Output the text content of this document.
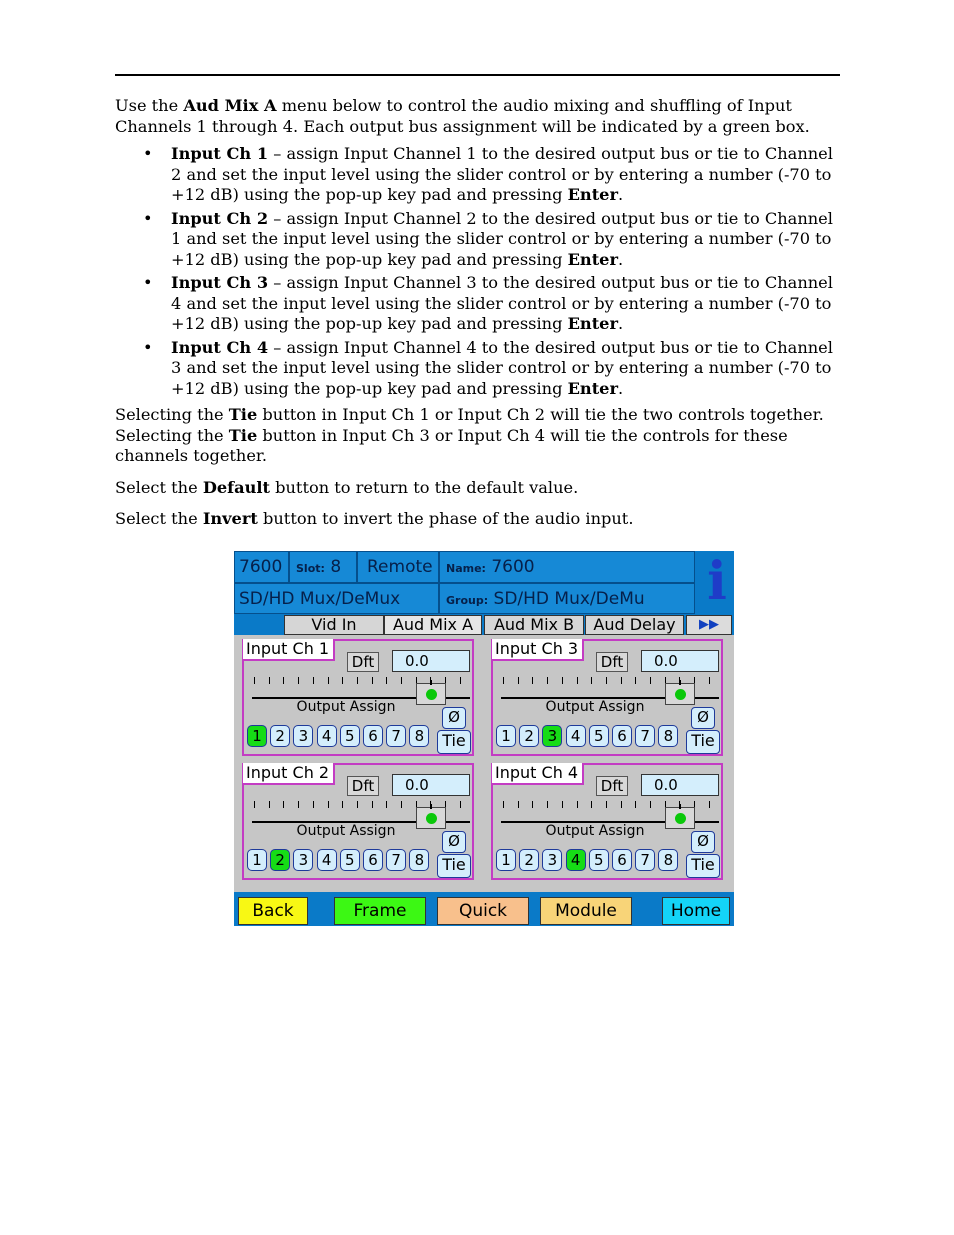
Use the Aud Mix A menu below to control the audio mixing and shuffling of Input Channels 1 through 4. Each output bus assignment will be indicated by a green box.

• Input Ch 1 – assign Input Channel 1 to the desired output bus or tie to Channel 2 and set the input level using the slider control or by entering a number (-70 to +12 dB) using the pop-up key pad and pressing Enter.
• Input Ch 2 – assign Input Channel 2 to the desired output bus or tie to Channel 1 and set the input level using the slider control or by entering a number (-70 to +12 dB) using the pop-up key pad and pressing Enter.
• Input Ch 3 – assign Input Channel 3 to the desired output bus or tie to Channel 4 and set the input level using the slider control or by entering a number (-70 to +12 dB) using the pop-up key pad and pressing Enter.
• Input Ch 4 – assign Input Channel 4 to the desired output bus or tie to Channel 3 and set the input level using the slider control or by entering a number (-70 to +12 dB) using the pop-up key pad and pressing Enter.

Selecting the Tie button in Input Ch 1 or Input Ch 2 will tie the two controls together. Selecting the Tie button in Input Ch 3 or Input Ch 4 will tie the controls for these channels together.

Select the Default button to return to the default value.

Select the Invert button to invert the phase of the audio input.

7600	Slot: 8	Remote	Name: 7600
SD/HD Mux/DeMux	Group: SD/HD Mux/DeMu	i
Vid In	Aud Mix A	Aud Mix B	Aud Delay	▶▶
Input Ch 1
Dft	0.0
Output Assign
Ø
Tie
1 2 3 4 5 6 7 8
Input Ch 3
Dft	0.0
Output Assign
Ø
Tie
1 2 3 4 5 6 7 8
Input Ch 2
Dft	0.0
Output Assign
Ø
Tie
1 2 3 4 5 6 7 8
Input Ch 4
Dft	0.0
Output Assign
Ø
Tie
1 2 3 4 5 6 7 8
Back	Frame	Quick	Module	Home
